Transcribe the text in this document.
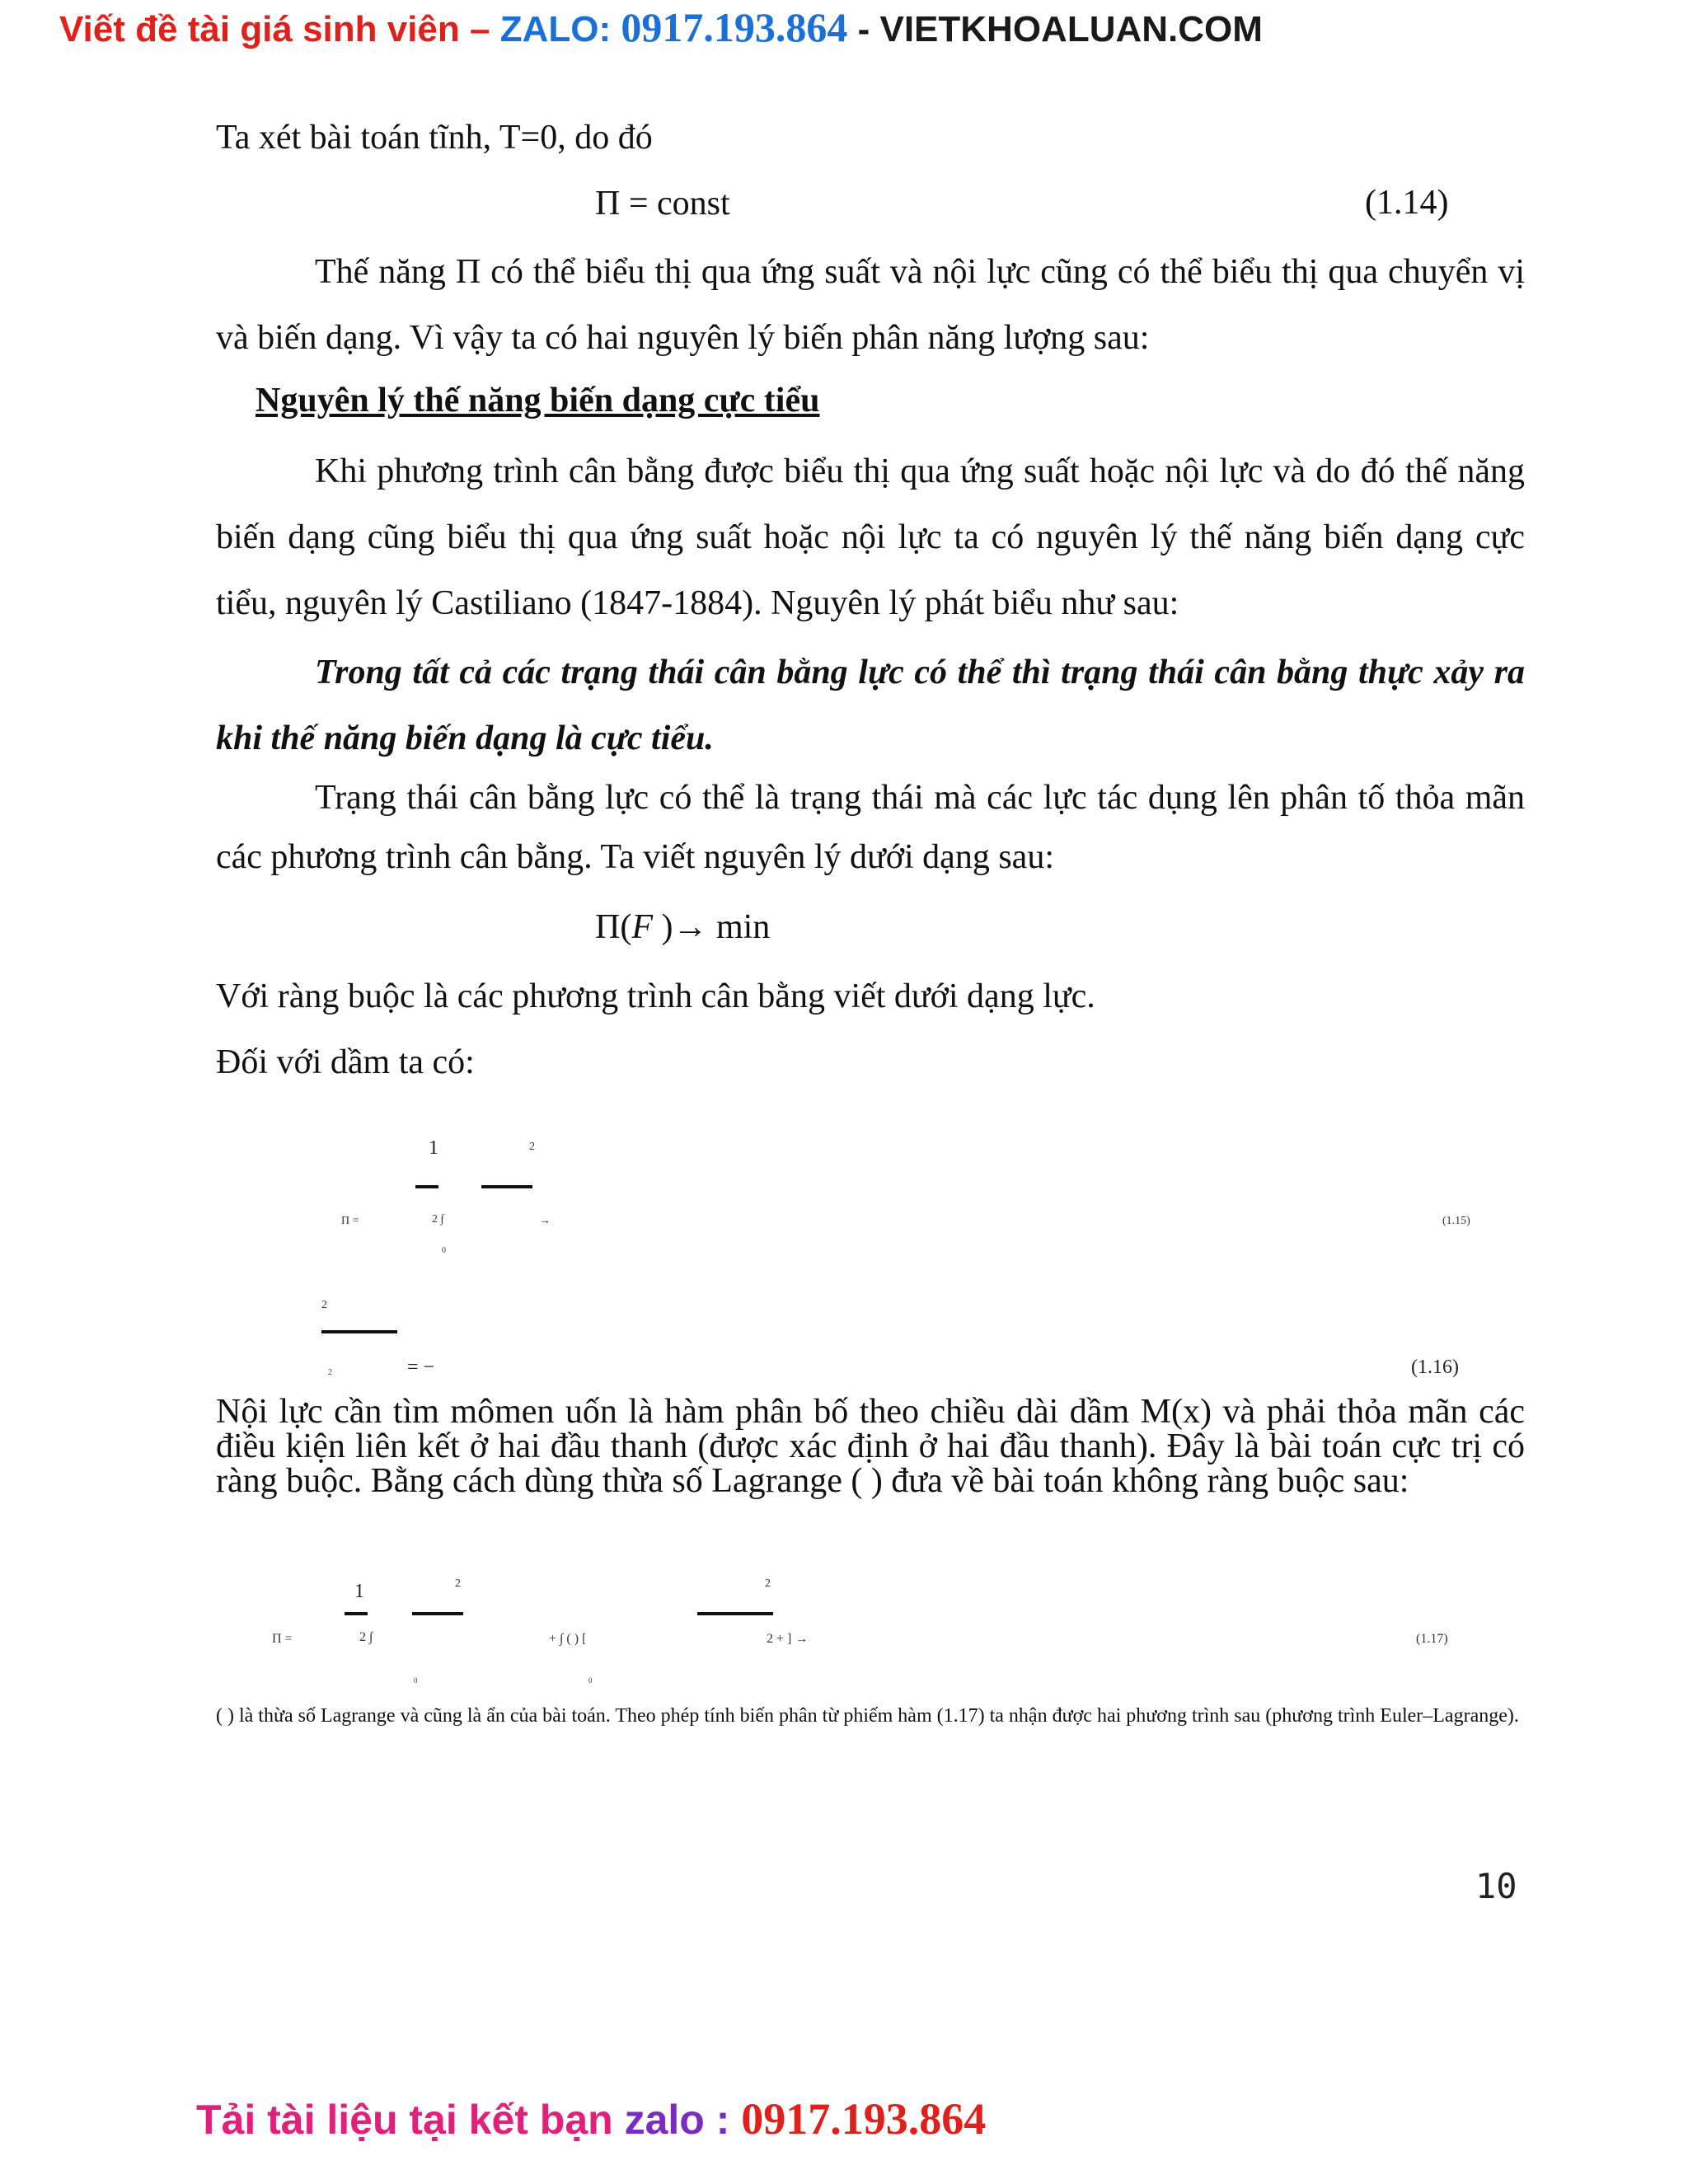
Viết đề tài giá sinh viên – ZALO: 0917.193.864 - VIETKHOALUAN.COM
Ta xét bài toán tĩnh, T=0, do đó
Π = const	(1.14)
Thế năng Π có thể biểu thị qua ứng suất và nội lực cũng có thể biểu thị qua chuyển vị và biến dạng. Vì vậy ta có hai nguyên lý biến phân năng lượng sau:
Nguyên lý thế năng biến dạng cực tiểu
Khi phương trình cân bằng được biểu thị qua ứng suất hoặc nội lực và do đó thế năng biến dạng cũng biểu thị qua ứng suất hoặc nội lực ta có nguyên lý thế năng biến dạng cực tiểu, nguyên lý Castiliano (1847-1884). Nguyên lý phát biểu như sau:
Trong tất cả các trạng thái cân bằng lực có thể thì trạng thái cân bằng thực xảy ra khi thế năng biến dạng là cực tiểu.
Trạng thái cân bằng lực có thể là trạng thái mà các lực tác dụng lên phân tố thỏa mãn các phương trình cân bằng. Ta viết nguyên lý dưới dạng sau:
Π(F )→ min
Với ràng buộc là các phương trình cân bằng viết dưới dạng lực.
Đối với dầm ta có:
1	2
Π =	2 ∫
0
→	(1.15)
2
2	= −	(1.16)
Nội lực cần tìm mômen uốn là hàm phân bố theo chiều dài dầm M(x) và phải thỏa mãn các điều kiện liên kết ở hai đầu thanh (được xác định ở hai đầu thanh). Đây là bài toán cực trị có ràng buộc. Bằng cách dùng thừa số Lagrange ( ) đưa về bài toán không ràng buộc sau:
1	2	2
Π =	2 ∫	+ ∫ ( ) [	2 + ] →
0	0
(1.17)
( ) là thừa số Lagrange và cũng là ẩn của bài toán. Theo phép tính biến phân từ phiếm hàm (1.17) ta nhận được hai phương trình sau (phương trình Euler–Lagrange).
10
Tải tài liệu tại kết bạn zalo : 0917.193.864
